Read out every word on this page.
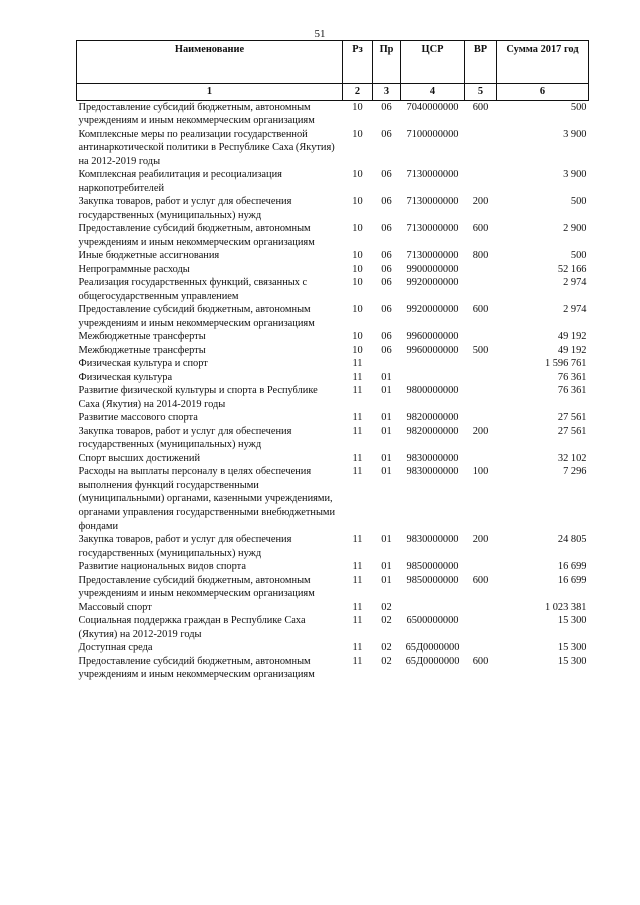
51
Наименование	Рз	Пр	ЦСР	ВР	Сумма 2017 год
1	2	3	4	5	6
Предоставление субсидий бюджетным, автономным учреждениям и иным некоммерческим организациям	10	06	7040000000	600	500
Комплексные меры по реализации государственной антинаркотической политики в Республике Саха (Якутия) на 2012-2019 годы	10	06	7100000000		3 900
Комплексная реабилитация и ресоциализация наркопотребителей	10	06	7130000000		3 900
Закупка товаров, работ и услуг для обеспечения государственных (муниципальных) нужд	10	06	7130000000	200	500
Предоставление субсидий бюджетным, автономным учреждениям и иным некоммерческим организациям	10	06	7130000000	600	2 900
Иные бюджетные ассигнования	10	06	7130000000	800	500
Непрограммные расходы	10	06	9900000000		52 166
Реализация государственных функций, связанных с общегосударственным управлением	10	06	9920000000		2 974
Предоставление субсидий бюджетным, автономным учреждениям и иным некоммерческим организациям	10	06	9920000000	600	2 974
Межбюджетные трансферты	10	06	9960000000		49 192
Межбюджетные трансферты	10	06	9960000000	500	49 192
Физическая культура и спорт	11				1 596 761
Физическая культура	11	01			76 361
Развитие физической культуры и спорта в Республике Саха (Якутия) на 2014-2019 годы	11	01	9800000000		76 361
Развитие массового спорта	11	01	9820000000		27 561
Закупка товаров, работ и услуг для обеспечения государственных (муниципальных) нужд	11	01	9820000000	200	27 561
Спорт высших достижений	11	01	9830000000		32 102
Расходы на выплаты персоналу в целях обеспечения выполнения функций государственными (муниципальными) органами, казенными учреждениями, органами управления государственными внебюджетными фондами	11	01	9830000000	100	7 296
Закупка товаров, работ и услуг для обеспечения государственных (муниципальных) нужд	11	01	9830000000	200	24 805
Развитие национальных видов спорта	11	01	9850000000		16 699
Предоставление субсидий бюджетным, автономным учреждениям и иным некоммерческим организациям	11	01	9850000000	600	16 699
Массовый спорт	11	02			1 023 381
Социальная поддержка граждан в Республике Саха (Якутия) на 2012-2019 годы	11	02	6500000000		15 300
Доступная среда	11	02	65Д0000000		15 300
Предоставление субсидий бюджетным, автономным учреждениям и иным некоммерческим организациям	11	02	65Д0000000	600	15 300
